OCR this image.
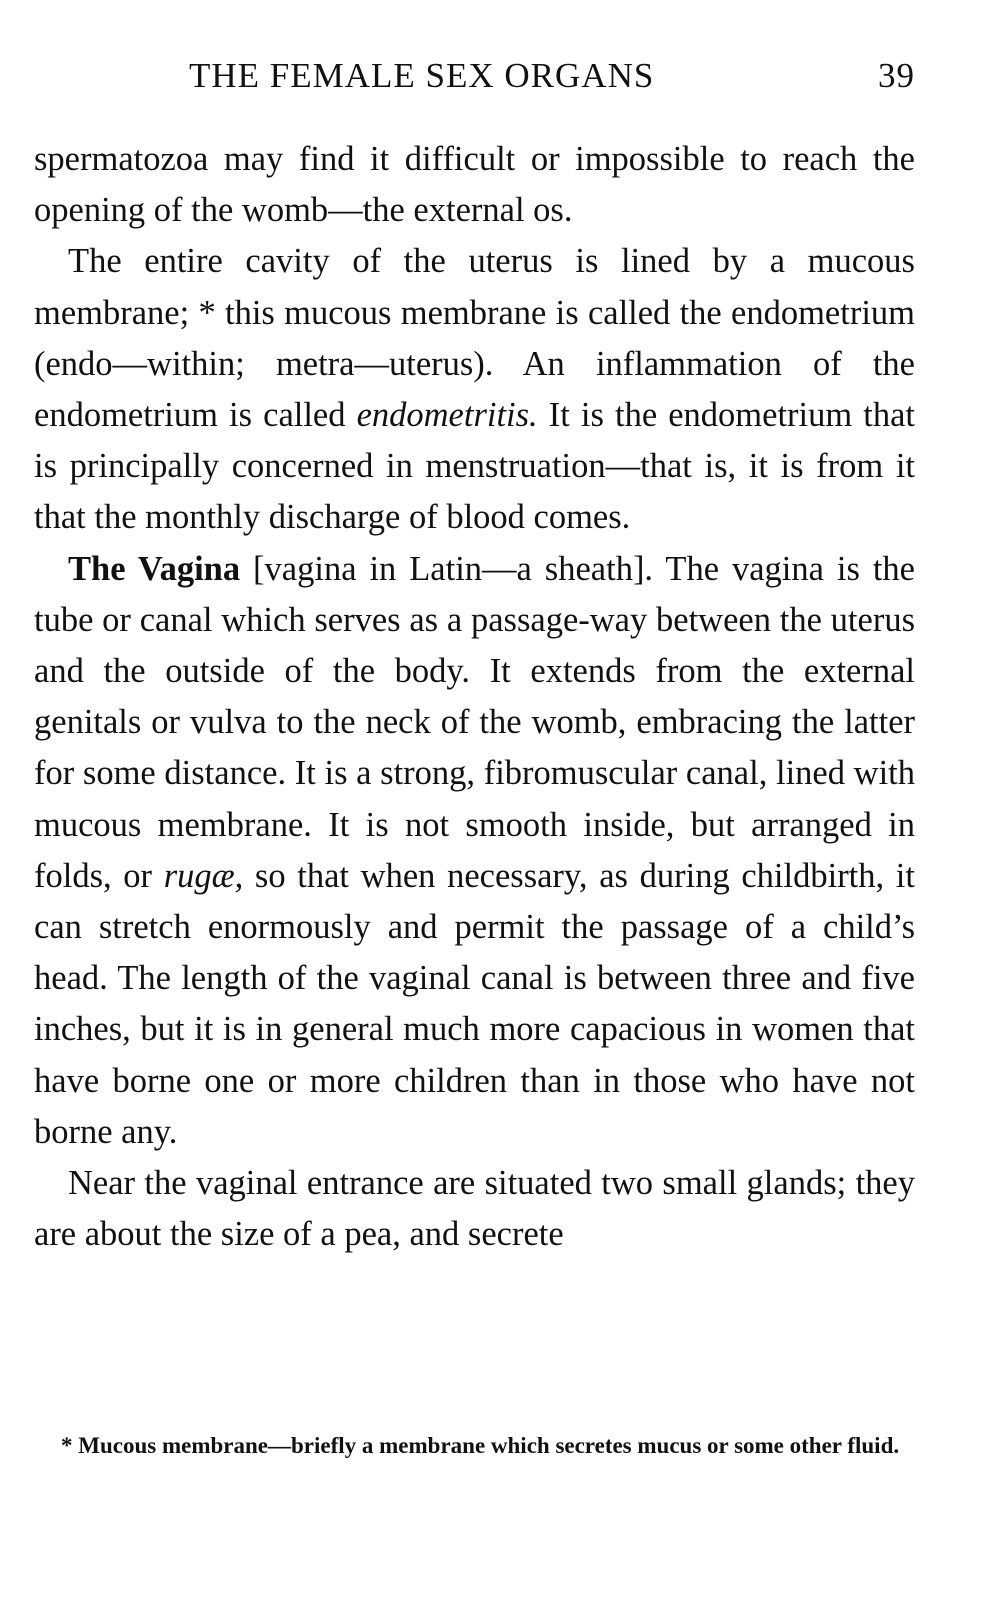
THE FEMALE SEX ORGANS	39

spermatozoa may find it difficult or impossible to reach the opening of the womb—the external os.

The entire cavity of the uterus is lined by a mucous membrane; * this mucous membrane is called the endometrium (endo—within; metra—uterus). An inflammation of the endometrium is called endometritis. It is the endometrium that is principally concerned in menstruation—that is, it is from it that the monthly discharge of blood comes.

The Vagina [vagina in Latin—a sheath]. The vagina is the tube or canal which serves as a passage-way between the uterus and the outside of the body. It extends from the external genitals or vulva to the neck of the womb, embracing the latter for some distance. It is a strong, fibromuscular canal, lined with mucous membrane. It is not smooth inside, but arranged in folds, or rugæ, so that when necessary, as during childbirth, it can stretch enormously and permit the passage of a child’s head. The length of the vaginal canal is between three and five inches, but it is in general much more capacious in women that have borne one or more children than in those who have not borne any.

Near the vaginal entrance are situated two small glands; they are about the size of a pea, and secrete

* Mucous membrane—briefly a membrane which secretes mucus or some other fluid.
